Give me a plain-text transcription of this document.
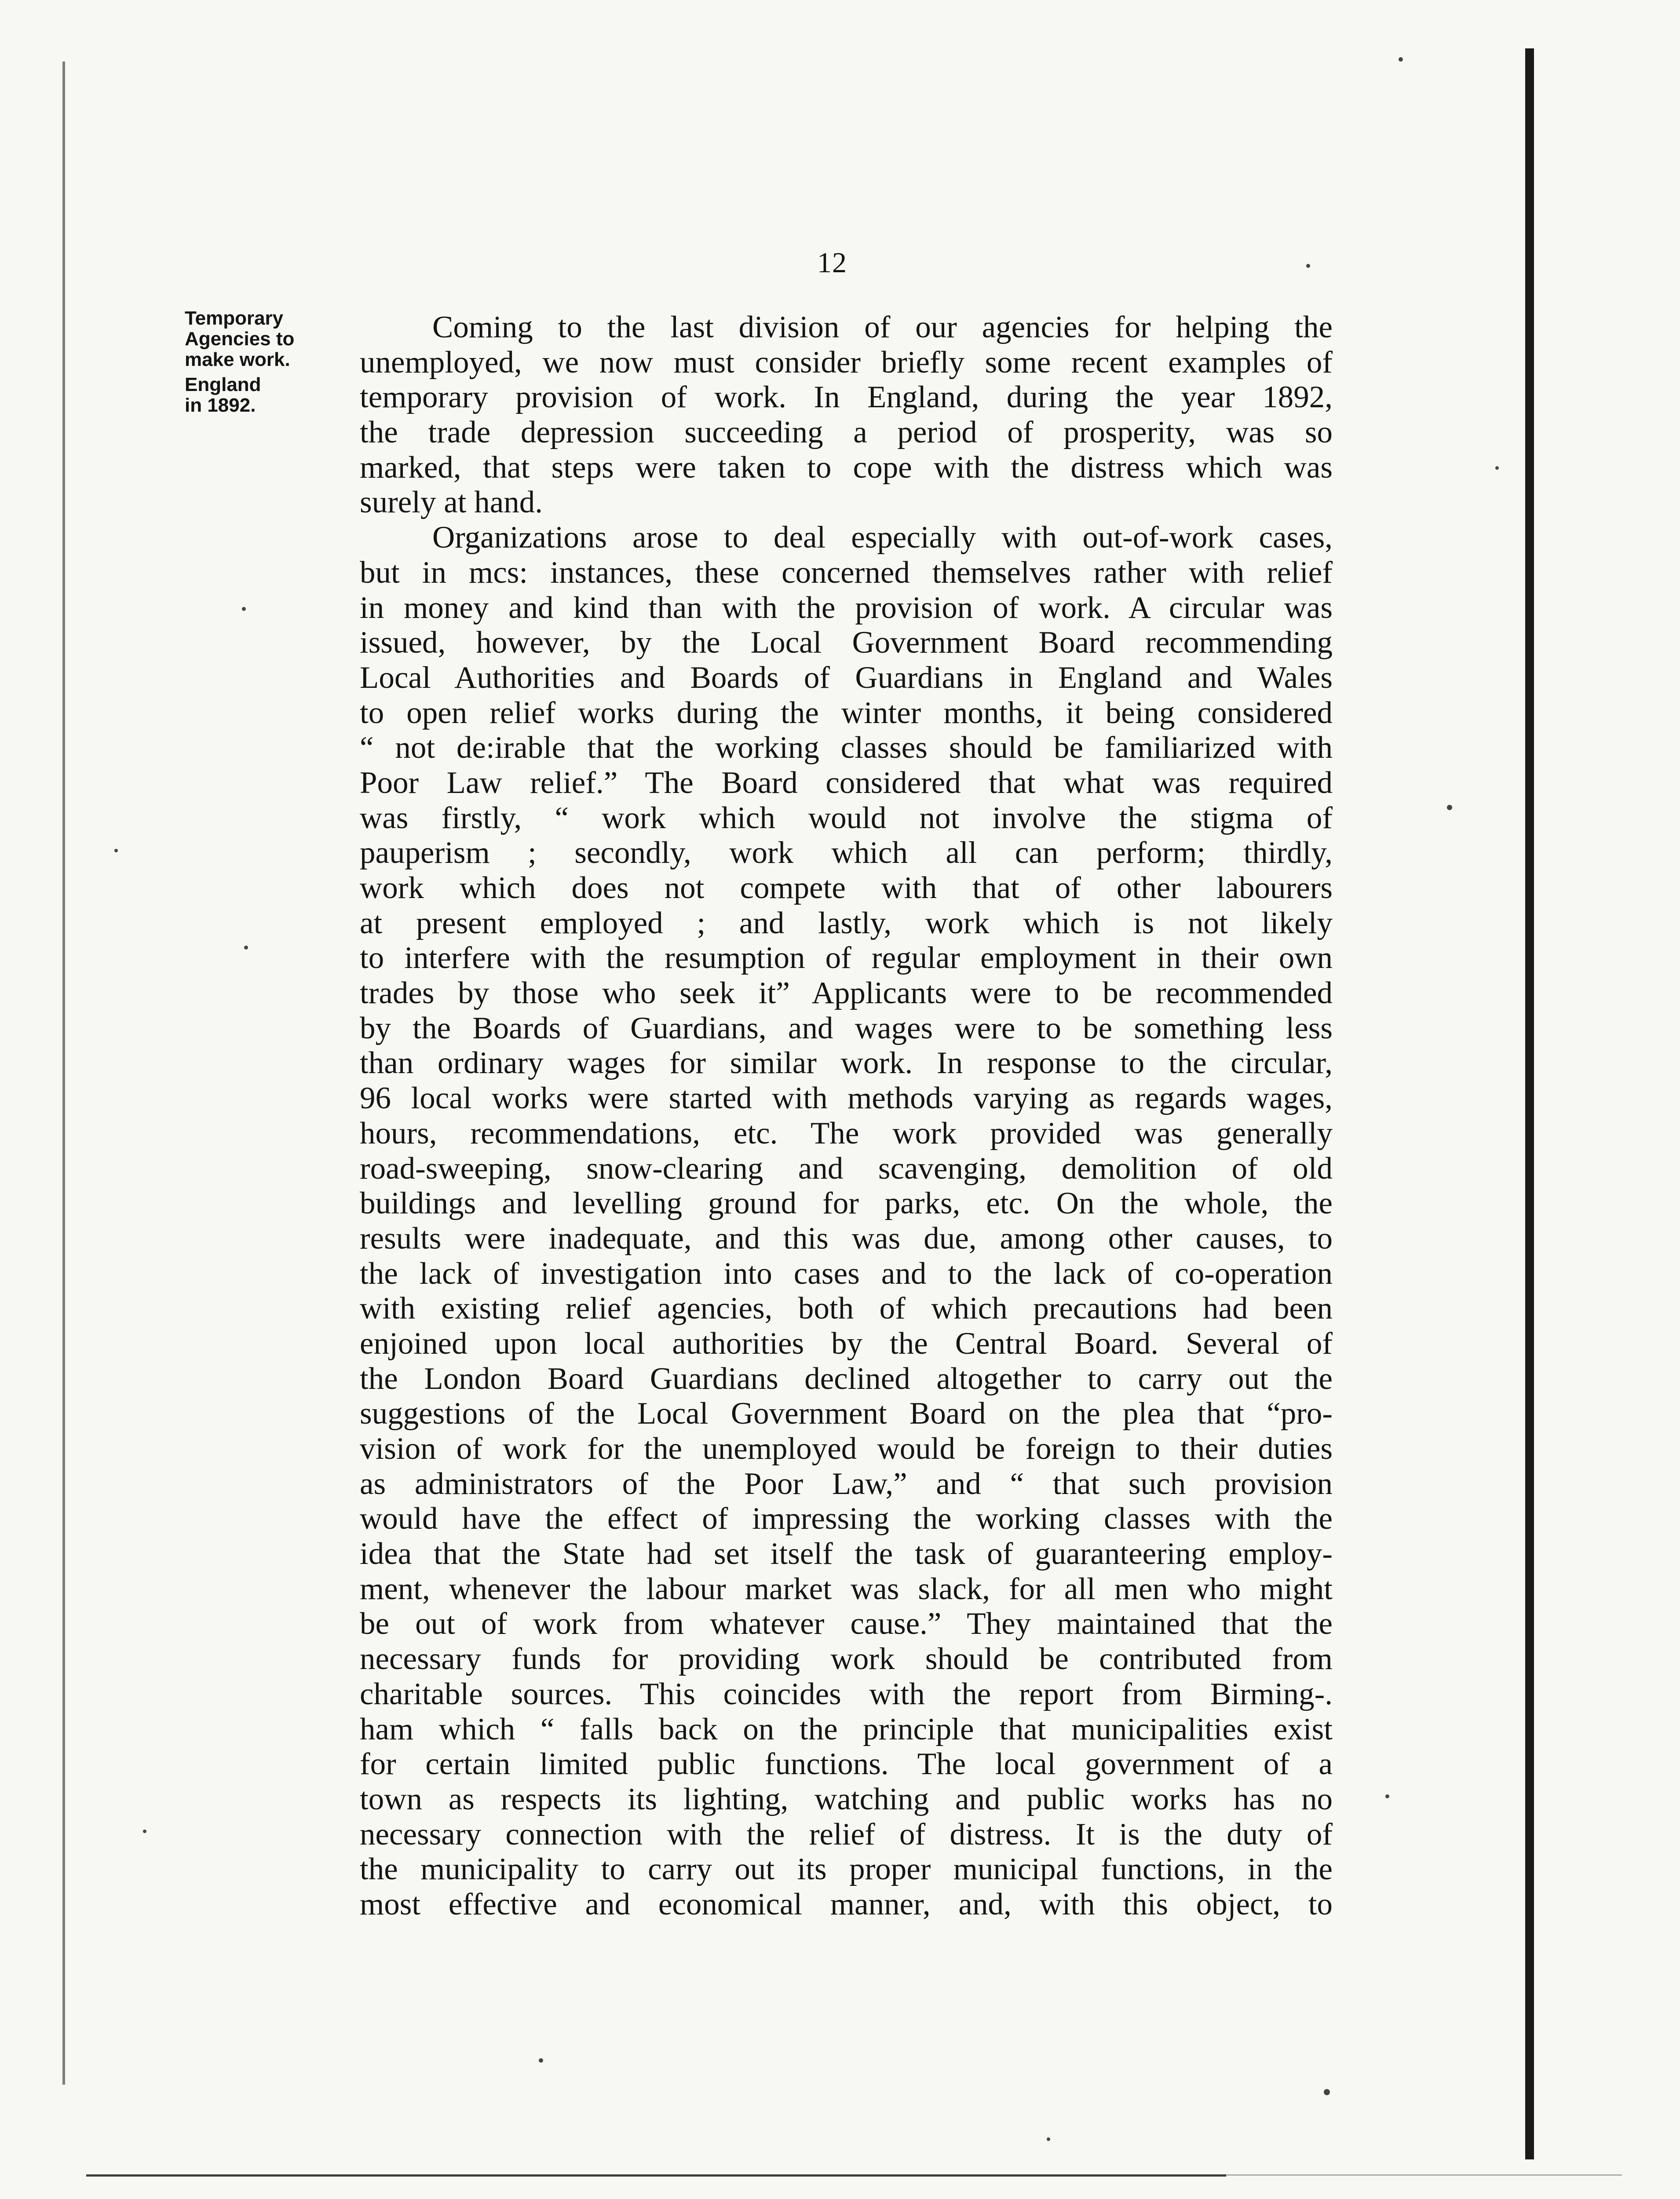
12
Temporary
Agencies to
make work.
England
in 1892.
Coming to the last division of our agencies for helping the
unemployed, we now must consider briefly some recent examples of
temporary provision of work. In England, during the year 1892,
the trade depression succeeding a period of prosperity, was so
marked, that steps were taken to cope with the distress which was
surely at hand.
Organizations arose to deal especially with out-of-work cases,
but in mcs: instances, these concerned themselves rather with relief
in money and kind than with the provision of work. A circular was
issued, however, by the Local Government Board recommending
Local Authorities and Boards of Guardians in England and Wales
to open relief works during the winter months, it being considered
“ not de:irable that the working classes should be familiarized with
Poor Law relief.” The Board considered that what was required
was firstly, “ work which would not involve the stigma of
pauperism ; secondly, work which all can perform; thirdly,
work which does not compete with that of other labourers
at present employed ; and lastly, work which is not likely
to interfere with the resumption of regular employment in their own
trades by those who seek it” Applicants were to be recommended
by the Boards of Guardians, and wages were to be something less
than ordinary wages for similar work. In response to the circular,
96 local works were started with methods varying as regards wages,
hours, recommendations, etc. The work provided was generally
road-sweeping, snow-clearing and scavenging, demolition of old
buildings and levelling ground for parks, etc. On the whole, the
results were inadequate, and this was due, among other causes, to
the lack of investigation into cases and to the lack of co-operation
with existing relief agencies, both of which precautions had been
enjoined upon local authorities by the Central Board. Several of
the London Board Guardians declined altogether to carry out the
suggestions of the Local Government Board on the plea that “pro-
vision of work for the unemployed would be foreign to their duties
as administrators of the Poor Law,” and “ that such provision
would have the effect of impressing the working classes with the
idea that the State had set itself the task of guaranteering employ-
ment, whenever the labour market was slack, for all men who might
be out of work from whatever cause.” They maintained that the
necessary funds for providing work should be contributed from
charitable sources. This coincides with the report from Birming-.
ham which “ falls back on the principle that municipalities exist
for certain limited public functions. The local government of a
town as respects its lighting, watching and public works has no
necessary connection with the relief of distress. It is the duty of
the municipality to carry out its proper municipal functions, in the
most effective and economical manner, and, with this object, to
